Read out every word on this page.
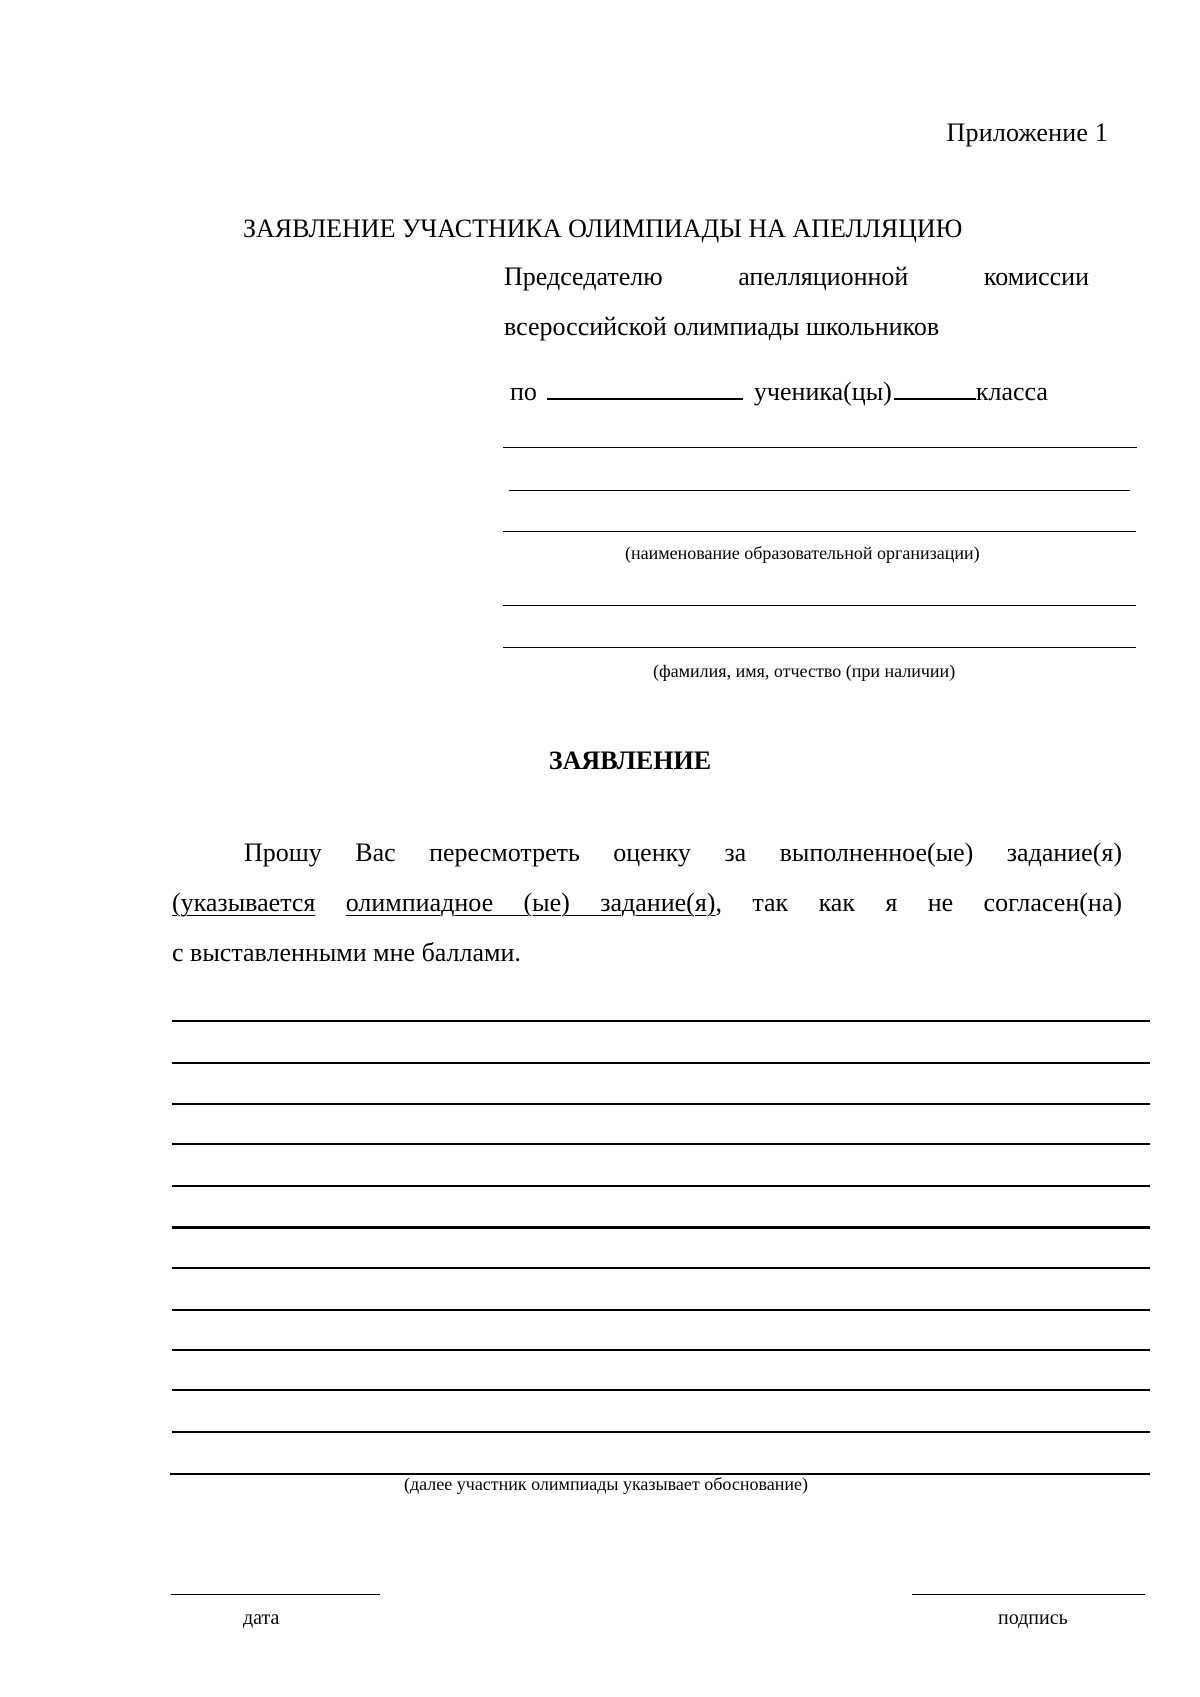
Приложение 1
ЗАЯВЛЕНИЕ УЧАСТНИКА ОЛИМПИАДЫ НА АПЕЛЛЯЦИЮ
Председателю	апелляционной	комиссии
всероссийской олимпиады школьников
по	ученика(цы)	класса
(наименование образовательной организации)
(фамилия, имя, отчество (при наличии)
ЗАЯВЛЕНИЕ
Прошу Вас пересмотреть оценку за выполненное(ые) задание(я)
(указывается олимпиадное (ые) задание(я), так как я не согласен(на)
с выставленными мне баллами.
(далее участник олимпиады указывает обоснование)
дата	подпись
